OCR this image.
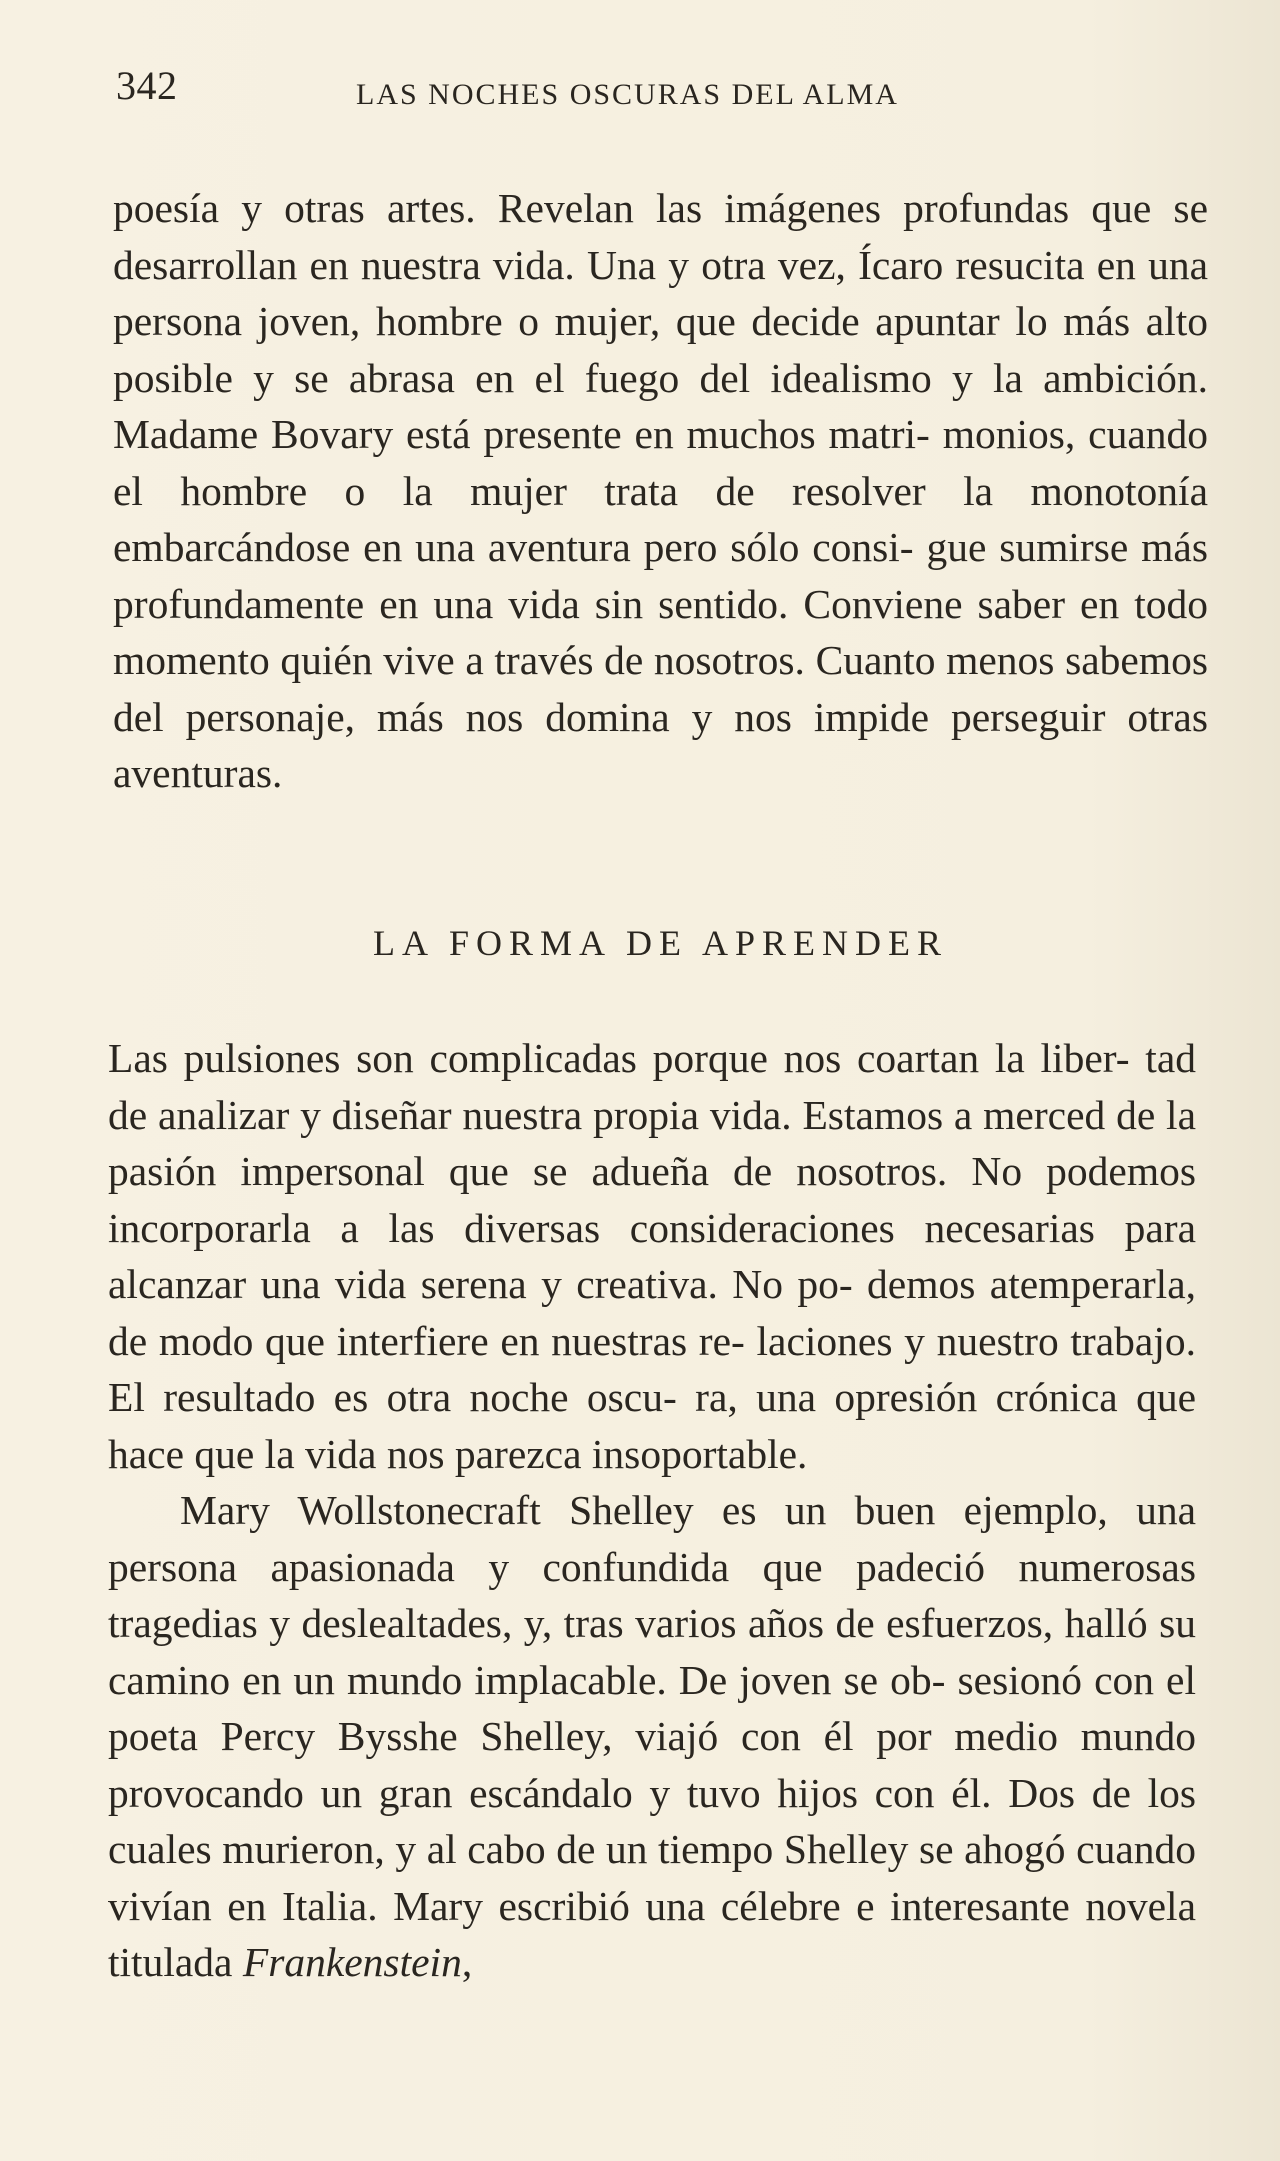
342	LAS NOCHES OSCURAS DEL ALMA

poesía y otras artes. Revelan las imágenes profundas que se desarrollan en nuestra vida. Una y otra vez, Ícaro resucita en una persona joven, hombre o mujer, que decide apuntar lo más alto posible y se abrasa en el fuego del idealismo y la ambición. Madame Bovary está presente en muchos matri- monios, cuando el hombre o la mujer trata de resolver la monotonía embarcándose en una aventura pero sólo consi- gue sumirse más profundamente en una vida sin sentido. Conviene saber en todo momento quién vive a través de nosotros. Cuanto menos sabemos del personaje, más nos domina y nos impide perseguir otras aventuras.

LA FORMA DE APRENDER

Las pulsiones son complicadas porque nos coartan la liber- tad de analizar y diseñar nuestra propia vida. Estamos a merced de la pasión impersonal que se adueña de nosotros. No podemos incorporarla a las diversas consideraciones necesarias para alcanzar una vida serena y creativa. No po- demos atemperarla, de modo que interfiere en nuestras re- laciones y nuestro trabajo. El resultado es otra noche oscu- ra, una opresión crónica que hace que la vida nos parezca insoportable.

Mary Wollstonecraft Shelley es un buen ejemplo, una persona apasionada y confundida que padeció numerosas tragedias y deslealtades, y, tras varios años de esfuerzos, halló su camino en un mundo implacable. De joven se ob- sesionó con el poeta Percy Bysshe Shelley, viajó con él por medio mundo provocando un gran escándalo y tuvo hijos con él. Dos de los cuales murieron, y al cabo de un tiempo Shelley se ahogó cuando vivían en Italia. Mary escribió una célebre e interesante novela titulada Frankenstein,
